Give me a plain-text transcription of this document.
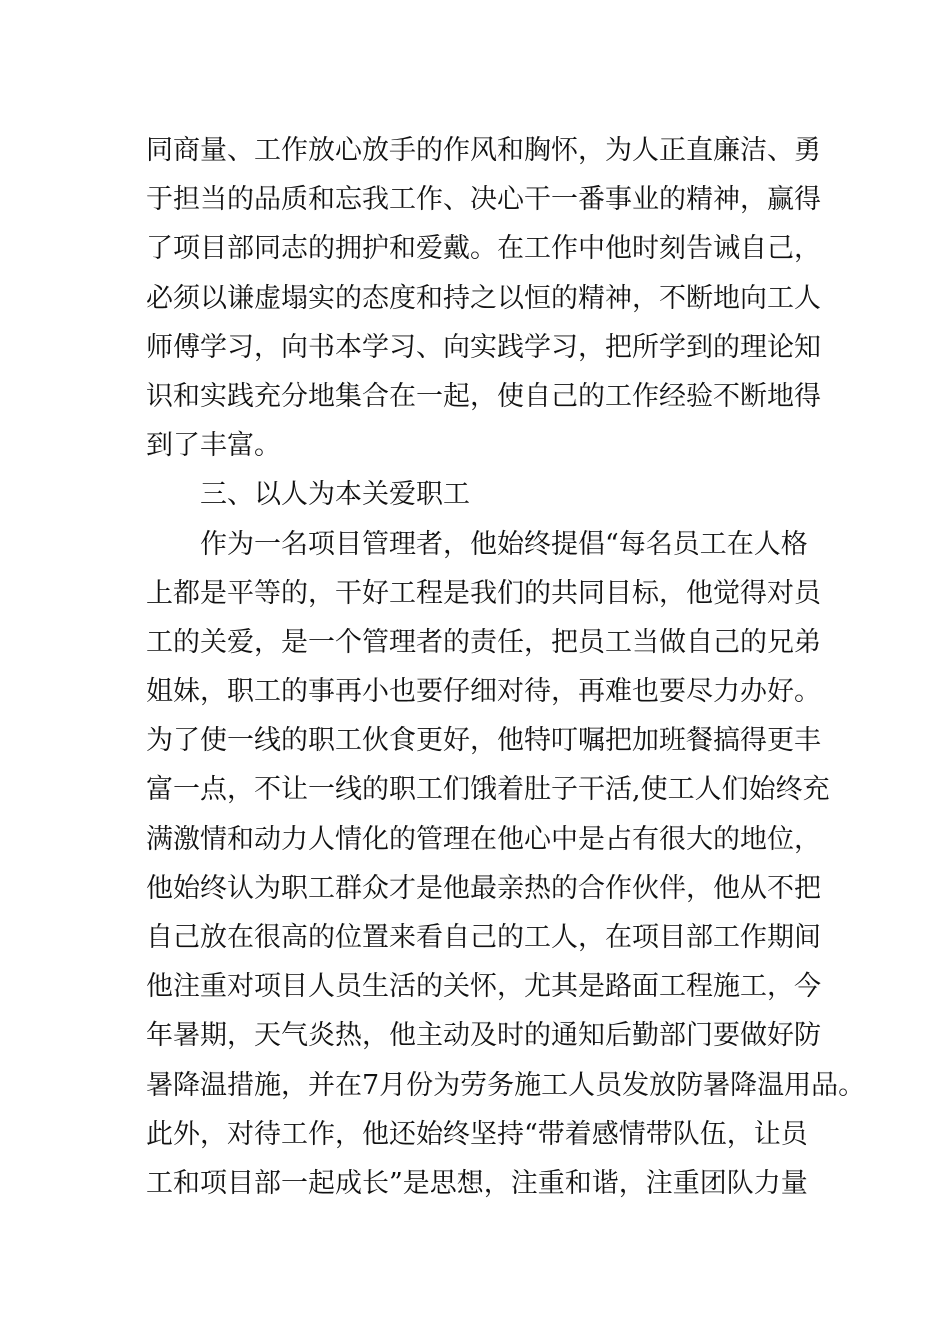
同商量、工作放心放手的作风和胸怀，为人正直廉洁、勇
于担当的品质和忘我工作、决心干一番事业的精神，赢得
了项目部同志的拥护和爱戴。在工作中他时刻告诫自己，
必须以谦虚塌实的态度和持之以恒的精神，不断地向工人
师傅学习，向书本学习、向实践学习，把所学到的理论知
识和实践充分地集合在一起，使自己的工作经验不断地得
到了丰富。
三、以人为本关爱职工
作为一名项目管理者，他始终提倡“每名员工在人格
上都是平等的，干好工程是我们的共同目标，他觉得对员
工的关爱，是一个管理者的责任，把员工当做自己的兄弟
姐妹，职工的事再小也要仔细对待，再难也要尽力办好。
为了使一线的职工伙食更好，他特叮嘱把加班餐搞得更丰
富一点，不让一线的职工们饿着肚子干活,使工人们始终充
满激情和动力人情化的管理在他心中是占有很大的地位，
他始终认为职工群众才是他最亲热的合作伙伴，他从不把
自己放在很高的位置来看自己的工人，在项目部工作期间
他注重对项目人员生活的关怀，尤其是路面工程施工，今
年暑期，天气炎热，他主动及时的通知后勤部门要做好防
暑降温措施，并在7月份为劳务施工人员发放防暑降温用品。
此外，对待工作，他还始终坚持“带着感情带队伍，让员
工和项目部一起成长”是思想，注重和谐，注重团队力量
